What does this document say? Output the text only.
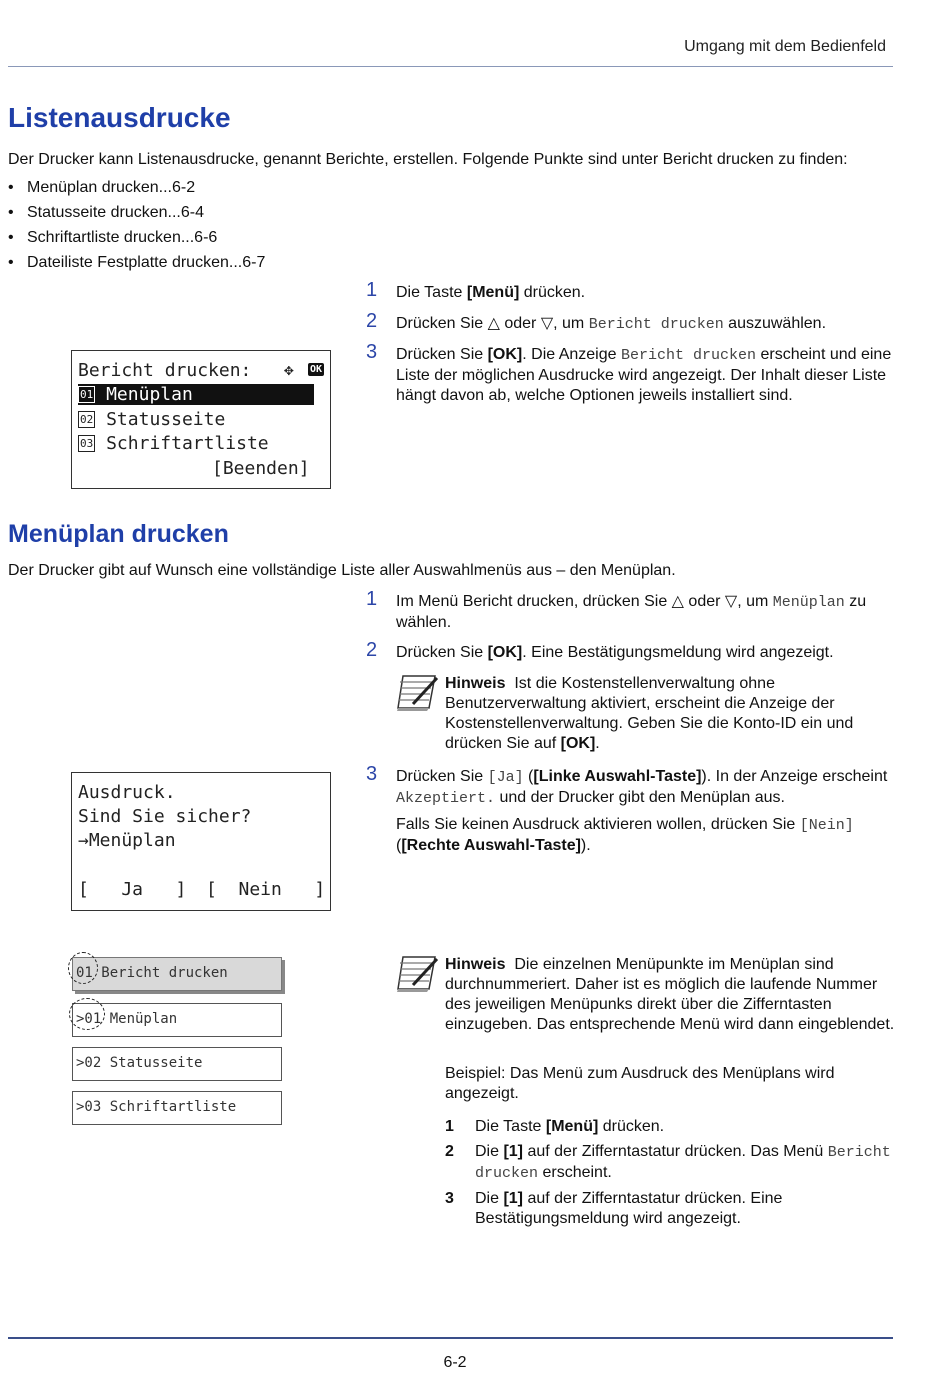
Umgang mit dem Bedienfeld
Listenausdrucke

Der Drucker kann Listenausdrucke, genannt Berichte, erstellen. Folgende Punkte sind unter Bericht drucken zu finden:

• Menüplan drucken...6-2
• Statusseite drucken...6-4
• Schriftartliste drucken...6-6
• Dateiliste Festplatte drucken...6-7
1 Die Taste [Menü] drücken.
2 Drücken Sie △ oder ▽, um Bericht drucken auszuwählen.
3 Drücken Sie [OK]. Die Anzeige Bericht drucken erscheint und eine Liste der möglichen Ausdrucke wird angezeigt. Der Inhalt dieser Liste hängt davon ab, welche Optionen jeweils installiert sind.
Bericht drucken: ✥ OK
01 Menüplan
02 Statusseite
03 Schriftartliste
[Beenden]
Menüplan drucken

Der Drucker gibt auf Wunsch eine vollständige Liste aller Auswahlmenüs aus – den Menüplan.

1 Im Menü Bericht drucken, drücken Sie △ oder ▽, um Menüplan zu wählen.
2 Drücken Sie [OK]. Eine Bestätigungsmeldung wird angezeigt.
Hinweis Ist die Kostenstellenverwaltung ohne Benutzerverwaltung aktiviert, erscheint die Anzeige der Kostenstellenverwaltung. Geben Sie die Konto-ID ein und drücken Sie auf [OK].
3 Drücken Sie [Ja] ([Linke Auswahl-Taste]). In der Anzeige erscheint Akzeptiert. und der Drucker gibt den Menüplan aus.
Falls Sie keinen Ausdruck aktivieren wollen, drücken Sie [Nein] ([Rechte Auswahl-Taste]).
Ausdruck.
Sind Sie sicher?
→Menüplan
[   Ja   ] [  Nein   ]
01 Bericht drucken
>01 Menüplan
>02 Statusseite
>03 Schriftartliste
Hinweis Die einzelnen Menüpunkte im Menüplan sind durchnummeriert. Daher ist es möglich die laufende Nummer des jeweiligen Menüpunks direkt über die Zifferntasten einzugeben. Das entsprechende Menü wird dann eingeblendet.

Beispiel: Das Menü zum Ausdruck des Menüplans wird angezeigt.

1 Die Taste [Menü] drücken.
2 Die [1] auf der Zifferntastatur drücken. Das Menü Bericht drucken erscheint.
3 Die [1] auf der Zifferntastatur drücken. Eine Bestätigungsmeldung wird angezeigt.
6-2
